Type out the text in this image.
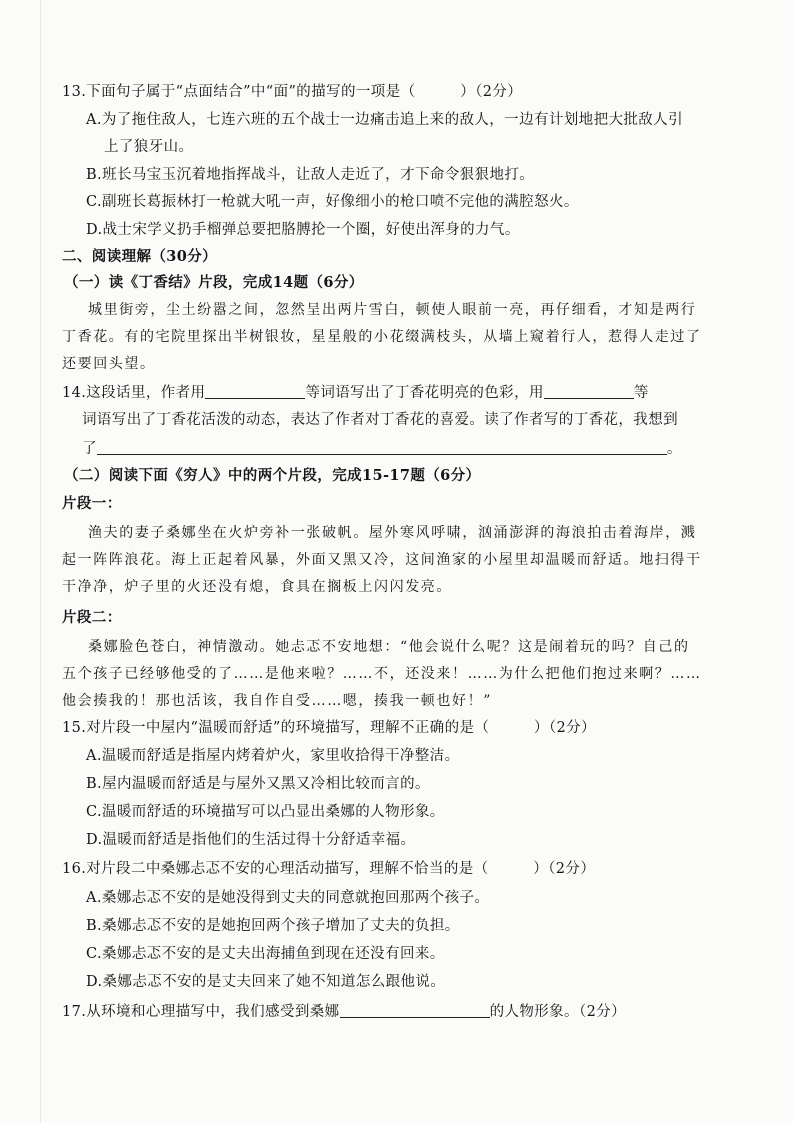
13.下面句子属于“点面结合”中“面”的描写的一项是（　　　）（2分）
A.为了拖住敌人，七连六班的五个战士一边痛击追上来的敌人，一边有计划地把大批敌人引
上了狼牙山。
B.班长马宝玉沉着地指挥战斗，让敌人走近了，才下命令狠狠地打。
C.副班长葛振林打一枪就大吼一声，好像细小的枪口喷不完他的满腔怒火。
D.战士宋学义扔手榴弹总要把胳膊抡一个圈，好使出浑身的力气。
二、阅读理解（30分）
（一）读《丁香结》片段，完成14题（6分）
城里街旁，尘土纷嚣之间，忽然呈出两片雪白，顿使人眼前一亮，再仔细看，才知是两行
丁香花。有的宅院里探出半树银妆，星星般的小花缀满枝头，从墙上窥着行人，惹得人走过了
还要回头望。
14.这段话里，作者用	等词语写出了丁香花明亮的色彩，用	等
词语写出了丁香花活泼的动态，表达了作者对丁香花的喜爱。读了作者写的丁香花，我想到
了	。
（二）阅读下面《穷人》中的两个片段，完成15-17题（6分）
片段一：
渔夫的妻子桑娜坐在火炉旁补一张破帆。屋外寒风呼啸，汹涌澎湃的海浪拍击着海岸，溅
起一阵阵浪花。海上正起着风暴，外面又黑又冷，这间渔家的小屋里却温暖而舒适。地扫得干
干净净，炉子里的火还没有熄，食具在搁板上闪闪发亮。
片段二：
桑娜脸色苍白，神情激动。她忐忑不安地想：“他会说什么呢？这是闹着玩的吗？自己的
五个孩子已经够他受的了……是他来啦？……不，还没来！……为什么把他们抱过来啊？……
他会揍我的！那也活该，我自作自受……嗯，揍我一顿也好！”
15.对片段一中屋内“温暖而舒适”的环境描写，理解不正确的是（　　　）（2分）
A.温暖而舒适是指屋内烤着炉火，家里收拾得干净整洁。
B.屋内温暖而舒适是与屋外又黑又冷相比较而言的。
C.温暖而舒适的环境描写可以凸显出桑娜的人物形象。
D.温暖而舒适是指他们的生活过得十分舒适幸福。
16.对片段二中桑娜忐忑不安的心理活动描写，理解不恰当的是（　　　）（2分）
A.桑娜忐忑不安的是她没得到丈夫的同意就抱回那两个孩子。
B.桑娜忐忑不安的是她抱回两个孩子增加了丈夫的负担。
C.桑娜忐忑不安的是丈夫出海捕鱼到现在还没有回来。
D.桑娜忐忑不安的是丈夫回来了她不知道怎么跟他说。
17.从环境和心理描写中，我们感受到桑娜	的人物形象。（2分）
